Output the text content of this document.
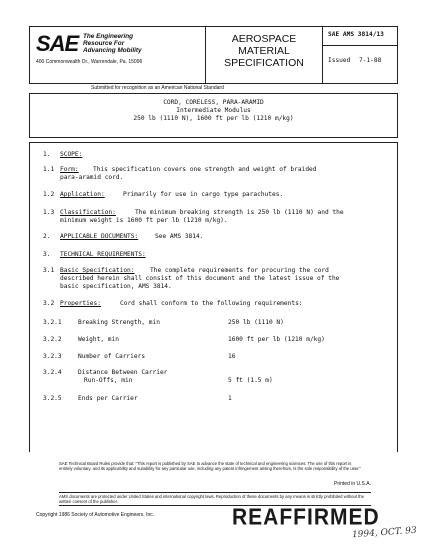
SAE The Engineering
Resource For
Advancing Mobility
400 Commonwealth Dr., Warrendale, Pa. 15096
AEROSPACE
MATERIAL
SPECIFICATION
SAE AMS 3814/13
Issued 7-1-88
Submitted for recognition as an American National Standard
CORD, CORELESS, PARA-ARAMID
Intermediate Modulus
250 lb (1110 N), 1600 ft per lb (1210 m/kg)
1. SCOPE:
1.1 Form: This specification covers one strength and weight of braided
para-aramid cord.
1.2 Application:	Primarily for use in cargo type parachutes.
1.3 Classification:	The minimum breaking strength is 250 lb (1110 N) and the
minimum weight is 1600 ft per lb (1210 m/kg).
2. APPLICABLE DOCUMENTS:	See AMS 3814.
3. TECHNICAL REQUIREMENTS:
3.1 Basic Specification: The complete requirements for procuring the cord
described herein shall consist of this document and the latest issue of the
basic specification, AMS 3814.
3.2 Properties:	Cord shall conform to the following requirements:
3.2.1	Breaking Strength, min	250 lb (1110 N)
3.2.2	Weight, min	1600 ft per lb (1210 m/kg)
3.2.3	Number of Carriers	16
3.2.4	Distance Between Carrier
Run-Offs, min	5 ft (1.5 m)
3.2.5	Ends per Carrier	1
SAE Technical Board Rules provide that: "This report is published by SAE to advance the state of technical and engineering sciences. The use of this report is entirely voluntary, and its applicability and suitability for any particular use, including any patent infringement arising therefrom, is the sole responsibility of the user."
Printed in U.S.A.
AMS documents are protected under United States and international copyright laws. Reproduction of these documents by any means is strictly prohibited without the written consent of the publisher.
Copyright 1986 Society of Automotive Engineers, Inc.	REAFFIRMED
1994, OCT. 93
